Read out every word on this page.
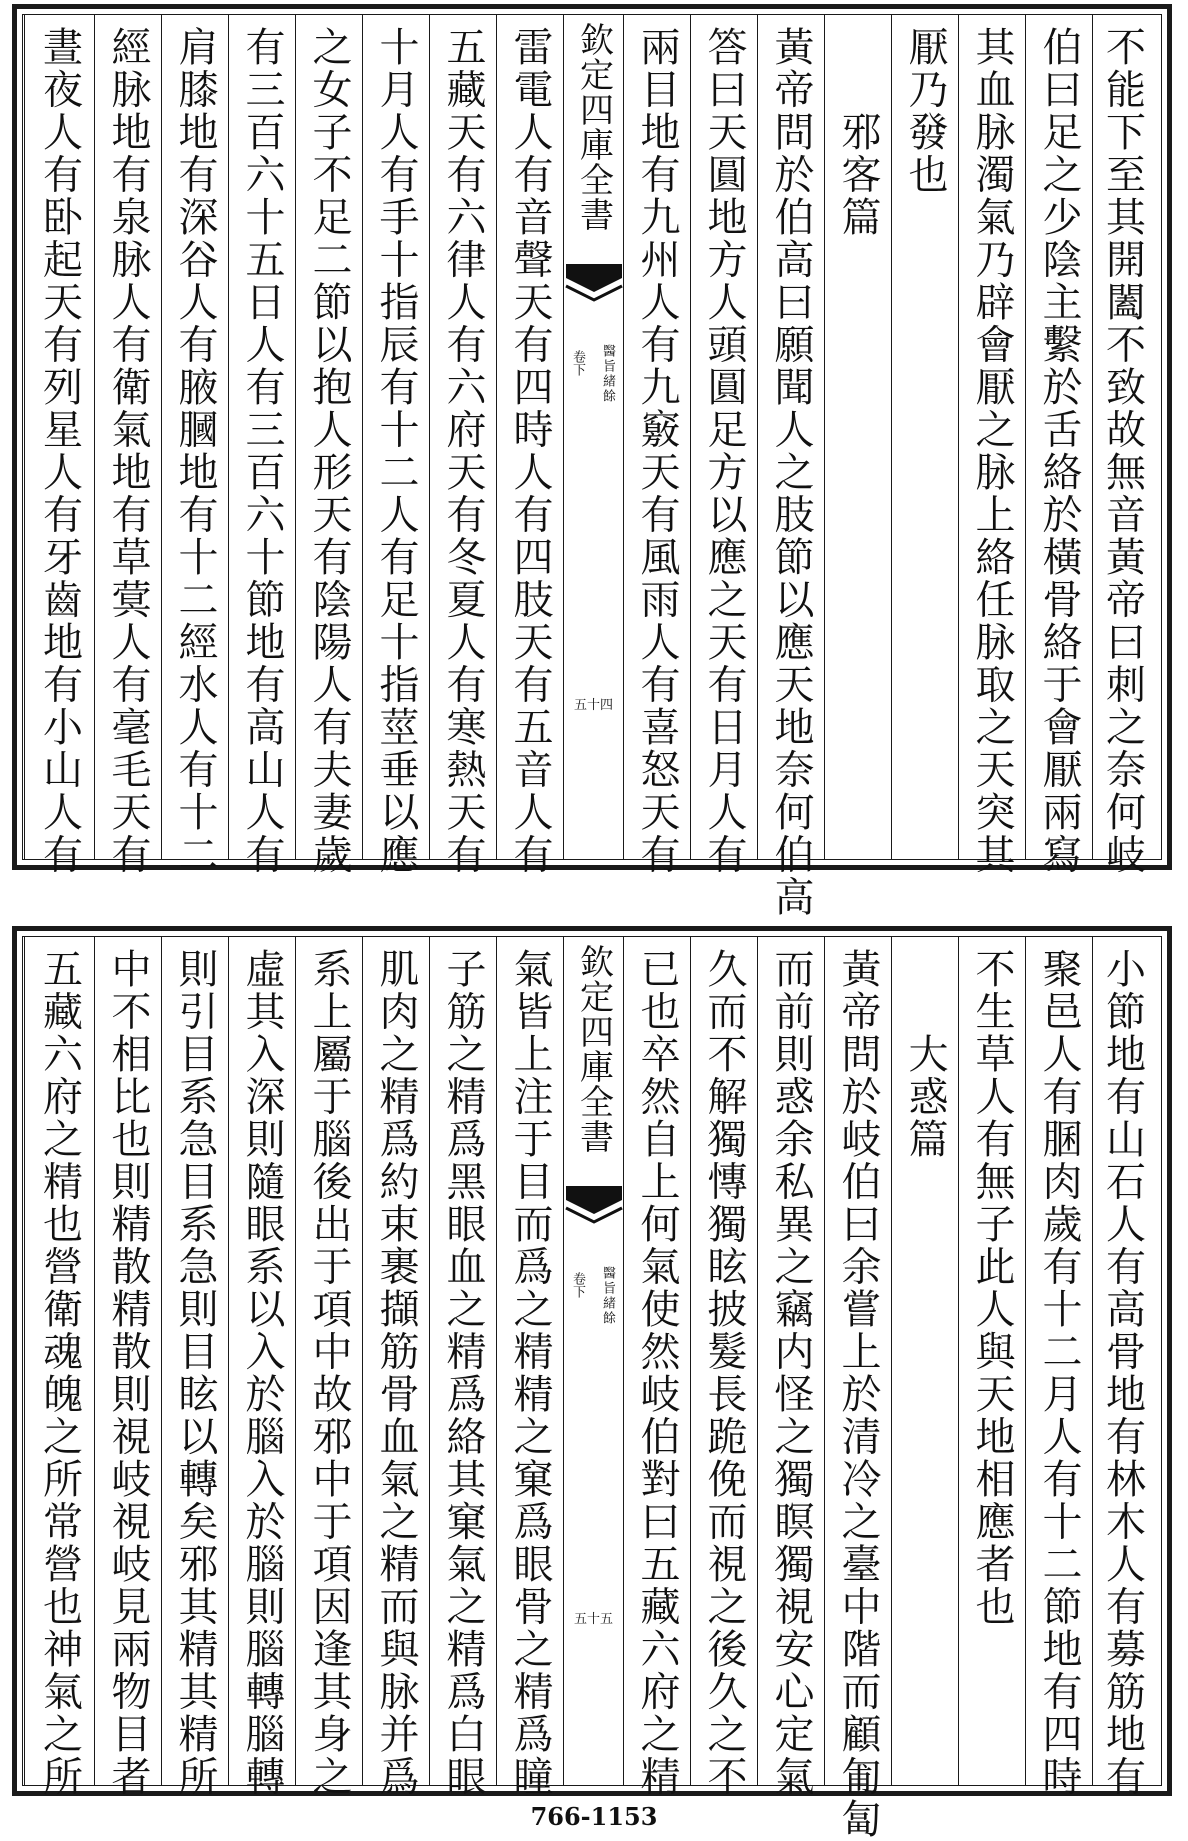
不能下至其開闔不致故無音黃帝曰刺之奈何岐
伯曰足之少陰主繫於舌絡於橫骨絡于會厭兩寫
其血脉濁氣乃辟會厭之脉上絡任脉取之天突其
厭乃發也
　　邪客篇
黃帝問於伯高曰願聞人之肢節以應天地奈何伯高
答曰天圓地方人頭圓足方以應之天有日月人有
兩目地有九州人有九竅天有風雨人有喜怒天有
欽定四庫全書
卷下 醫旨緒餘
五十四
雷電人有音聲天有四時人有四肢天有五音人有
五藏天有六律人有六府天有冬夏人有寒熱天有
十月人有手十指辰有十二人有足十指莖垂以應
之女子不足二節以抱人形天有陰陽人有夫妻歲
有三百六十五日人有三百六十節地有高山人有
肩膝地有深谷人有腋膕地有十二經水人有十二
經脉地有泉脉人有衛氣地有草蓂人有毫毛天有
晝夜人有卧起天有列星人有牙齒地有小山人有
小節地有山石人有高骨地有林木人有募筋地有
聚邑人有䐃肉歲有十二月人有十二節地有四時
不生草人有無子此人與天地相應者也
　　大惑篇
黃帝問於岐伯曰余嘗上於清冷之臺中階而顧匍匐
而前則惑余私異之竊内怪之獨瞑獨視安心定氣
久而不解獨慱獨眩披髮長跪俛而視之後久之不
已也卒然自上何氣使然岐伯對曰五藏六府之精
欽定四庫全書
卷下 醫旨緒餘
五十五
氣皆上注于目而爲之精精之窠爲眼骨之精爲瞳
子筋之精爲黑眼血之精爲絡其窠氣之精爲白眼
肌肉之精爲約束裹擷筋骨血氣之精而與脉并爲
系上屬于腦後出于項中故邪中于項因逢其身之
虛其入深則隨眼系以入於腦入於腦則腦轉腦轉
則引目系急目系急則目眩以轉矣邪其精其精所
中不相比也則精散精散則視岐視岐見兩物目者
五藏六府之精也營衛魂魄之所常營也神氣之所
766-1153
